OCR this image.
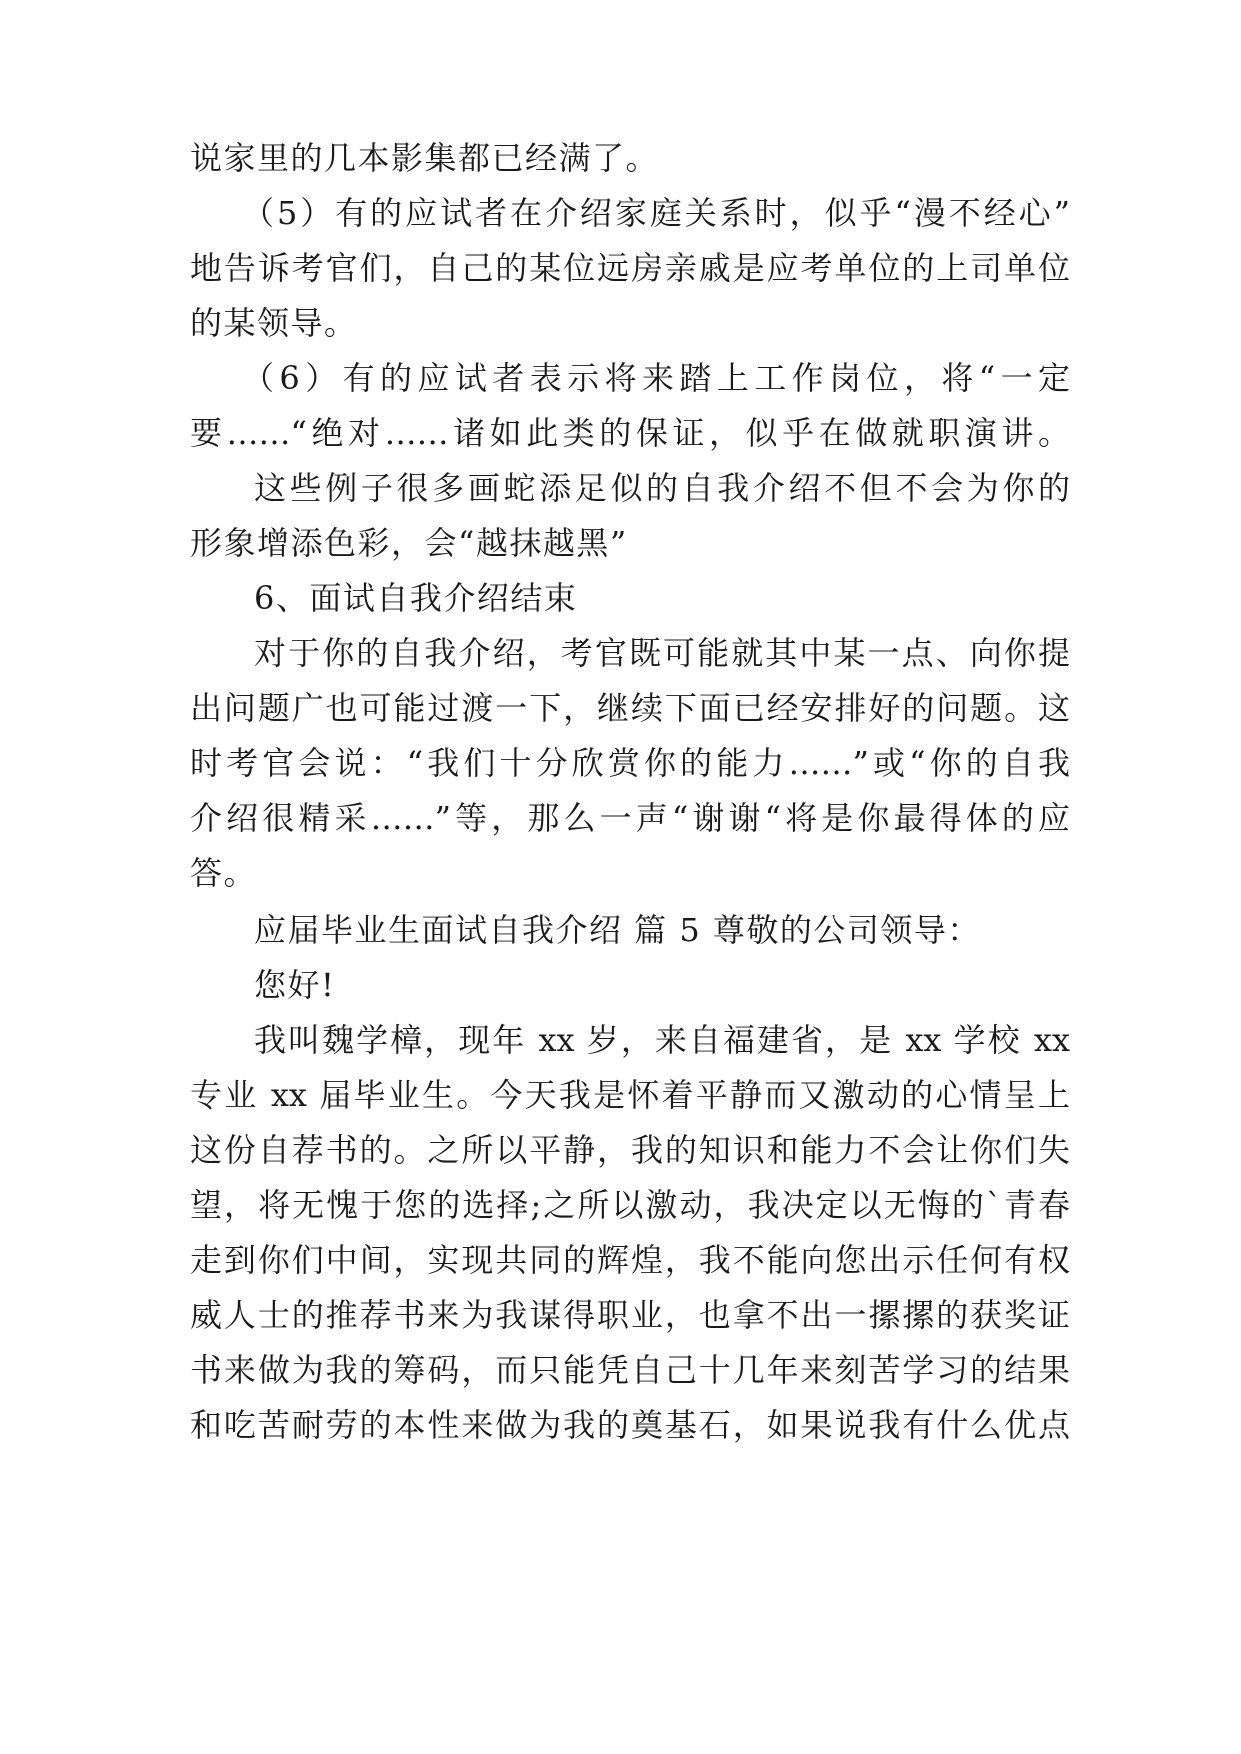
说家里的几本影集都已经满了。
（5）有的应试者在介绍家庭关系时，似乎“漫不经心”
地告诉考官们，自己的某位远房亲戚是应考单位的上司单位
的某领导。
（6）有的应试者表示将来踏上工作岗位，将“一定
要……“绝对……诸如此类的保证，似乎在做就职演讲。
这些例子很多画蛇添足似的自我介绍不但不会为你的
形象增添色彩，会“越抹越黑”
6、面试自我介绍结束
对于你的自我介绍，考官既可能就其中某一点、向你提
出问题广也可能过渡一下，继续下面已经安排好的问题。这
时考官会说：“我们十分欣赏你的能力……”或“你的自我
介绍很精采……”等，那么一声“谢谢“将是你最得体的应
答。
应届毕业生面试自我介绍 篇 5 尊敬的公司领导：
您好!
我叫魏学樟，现年 xx 岁，来自福建省，是 xx 学校 xx
专业 xx 届毕业生。今天我是怀着平静而又激动的心情呈上
这份自荐书的。之所以平静，我的知识和能力不会让你们失
望，将无愧于您的选择;之所以激动，我决定以无悔的`青春
走到你们中间，实现共同的辉煌，我不能向您出示任何有权
威人士的推荐书来为我谋得职业，也拿不出一摞摞的获奖证
书来做为我的筹码，而只能凭自己十几年来刻苦学习的结果
和吃苦耐劳的本性来做为我的奠基石，如果说我有什么优点
